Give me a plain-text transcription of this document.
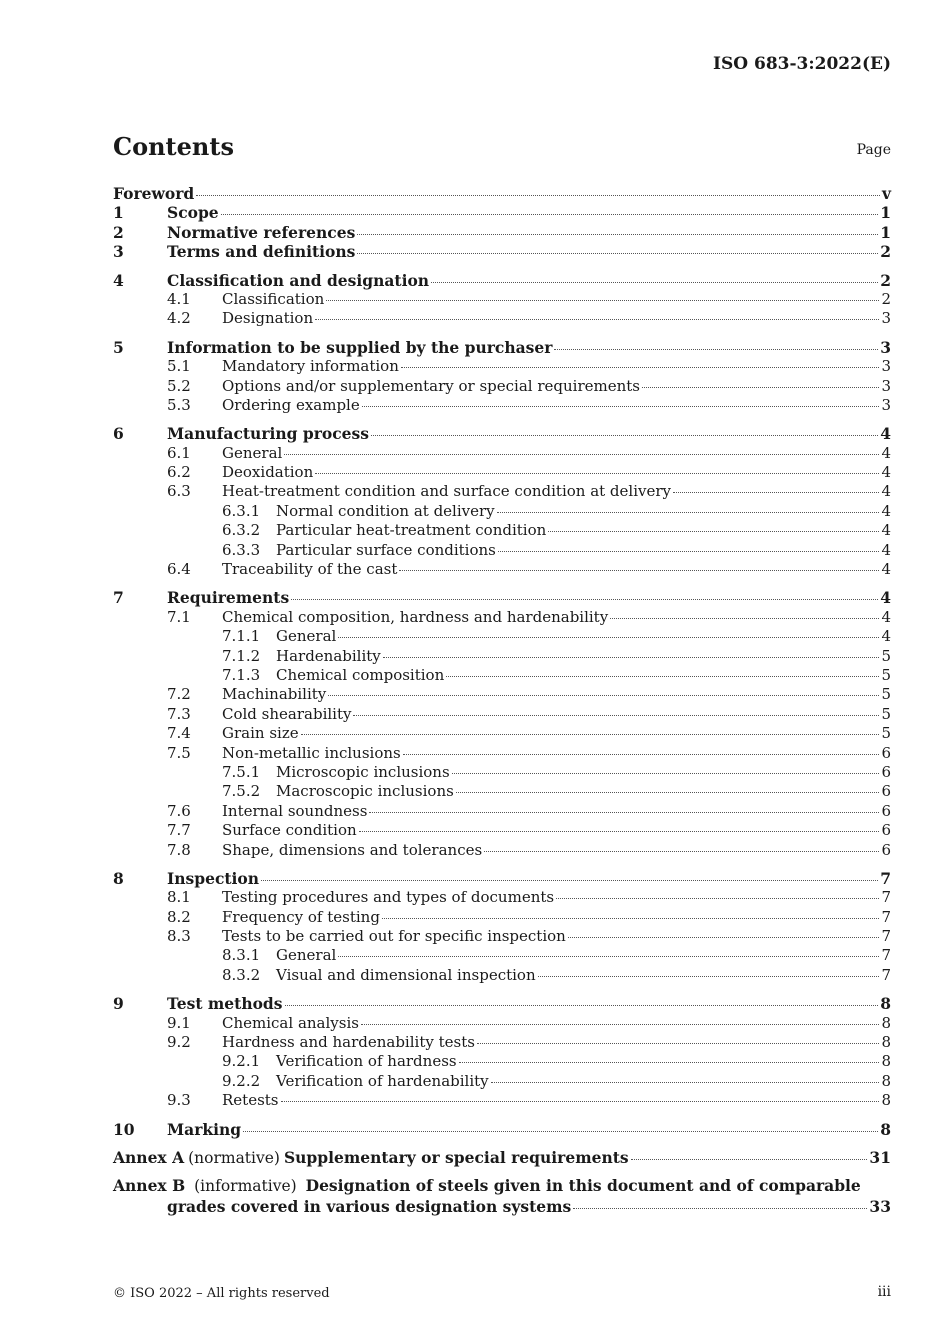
ISO 683-3:2022(E)
Contents	Page
Foreword	v
1	Scope	1
2	Normative references	1
3	Terms and definitions	2
4	Classification and designation	2
4.1	Classification	2
4.2	Designation	3
5	Information to be supplied by the purchaser	3
5.1	Mandatory information	3
5.2	Options and/or supplementary or special requirements	3
5.3	Ordering example	3
6	Manufacturing process	4
6.1	General	4
6.2	Deoxidation	4
6.3	Heat-treatment condition and surface condition at delivery	4
6.3.1	Normal condition at delivery	4
6.3.2	Particular heat-treatment condition	4
6.3.3	Particular surface conditions	4
6.4	Traceability of the cast	4
7	Requirements	4
7.1	Chemical composition, hardness and hardenability	4
7.1.1	General	4
7.1.2	Hardenability	5
7.1.3	Chemical composition	5
7.2	Machinability	5
7.3	Cold shearability	5
7.4	Grain size	5
7.5	Non-metallic inclusions	6
7.5.1	Microscopic inclusions	6
7.5.2	Macroscopic inclusions	6
7.6	Internal soundness	6
7.7	Surface condition	6
7.8	Shape, dimensions and tolerances	6
8	Inspection	7
8.1	Testing procedures and types of documents	7
8.2	Frequency of testing	7
8.3	Tests to be carried out for specific inspection	7
8.3.1	General	7
8.3.2	Visual and dimensional inspection	7
9	Test methods	8
9.1	Chemical analysis	8
9.2	Hardness and hardenability tests	8
9.2.1	Verification of hardness	8
9.2.2	Verification of hardenability	8
9.3	Retests	8
10	Marking	8
Annex A (normative) Supplementary or special requirements	31
Annex B (informative) Designation of steels given in this document and of comparable
grades covered in various designation systems	33
© ISO 2022 – All rights reserved	iii
